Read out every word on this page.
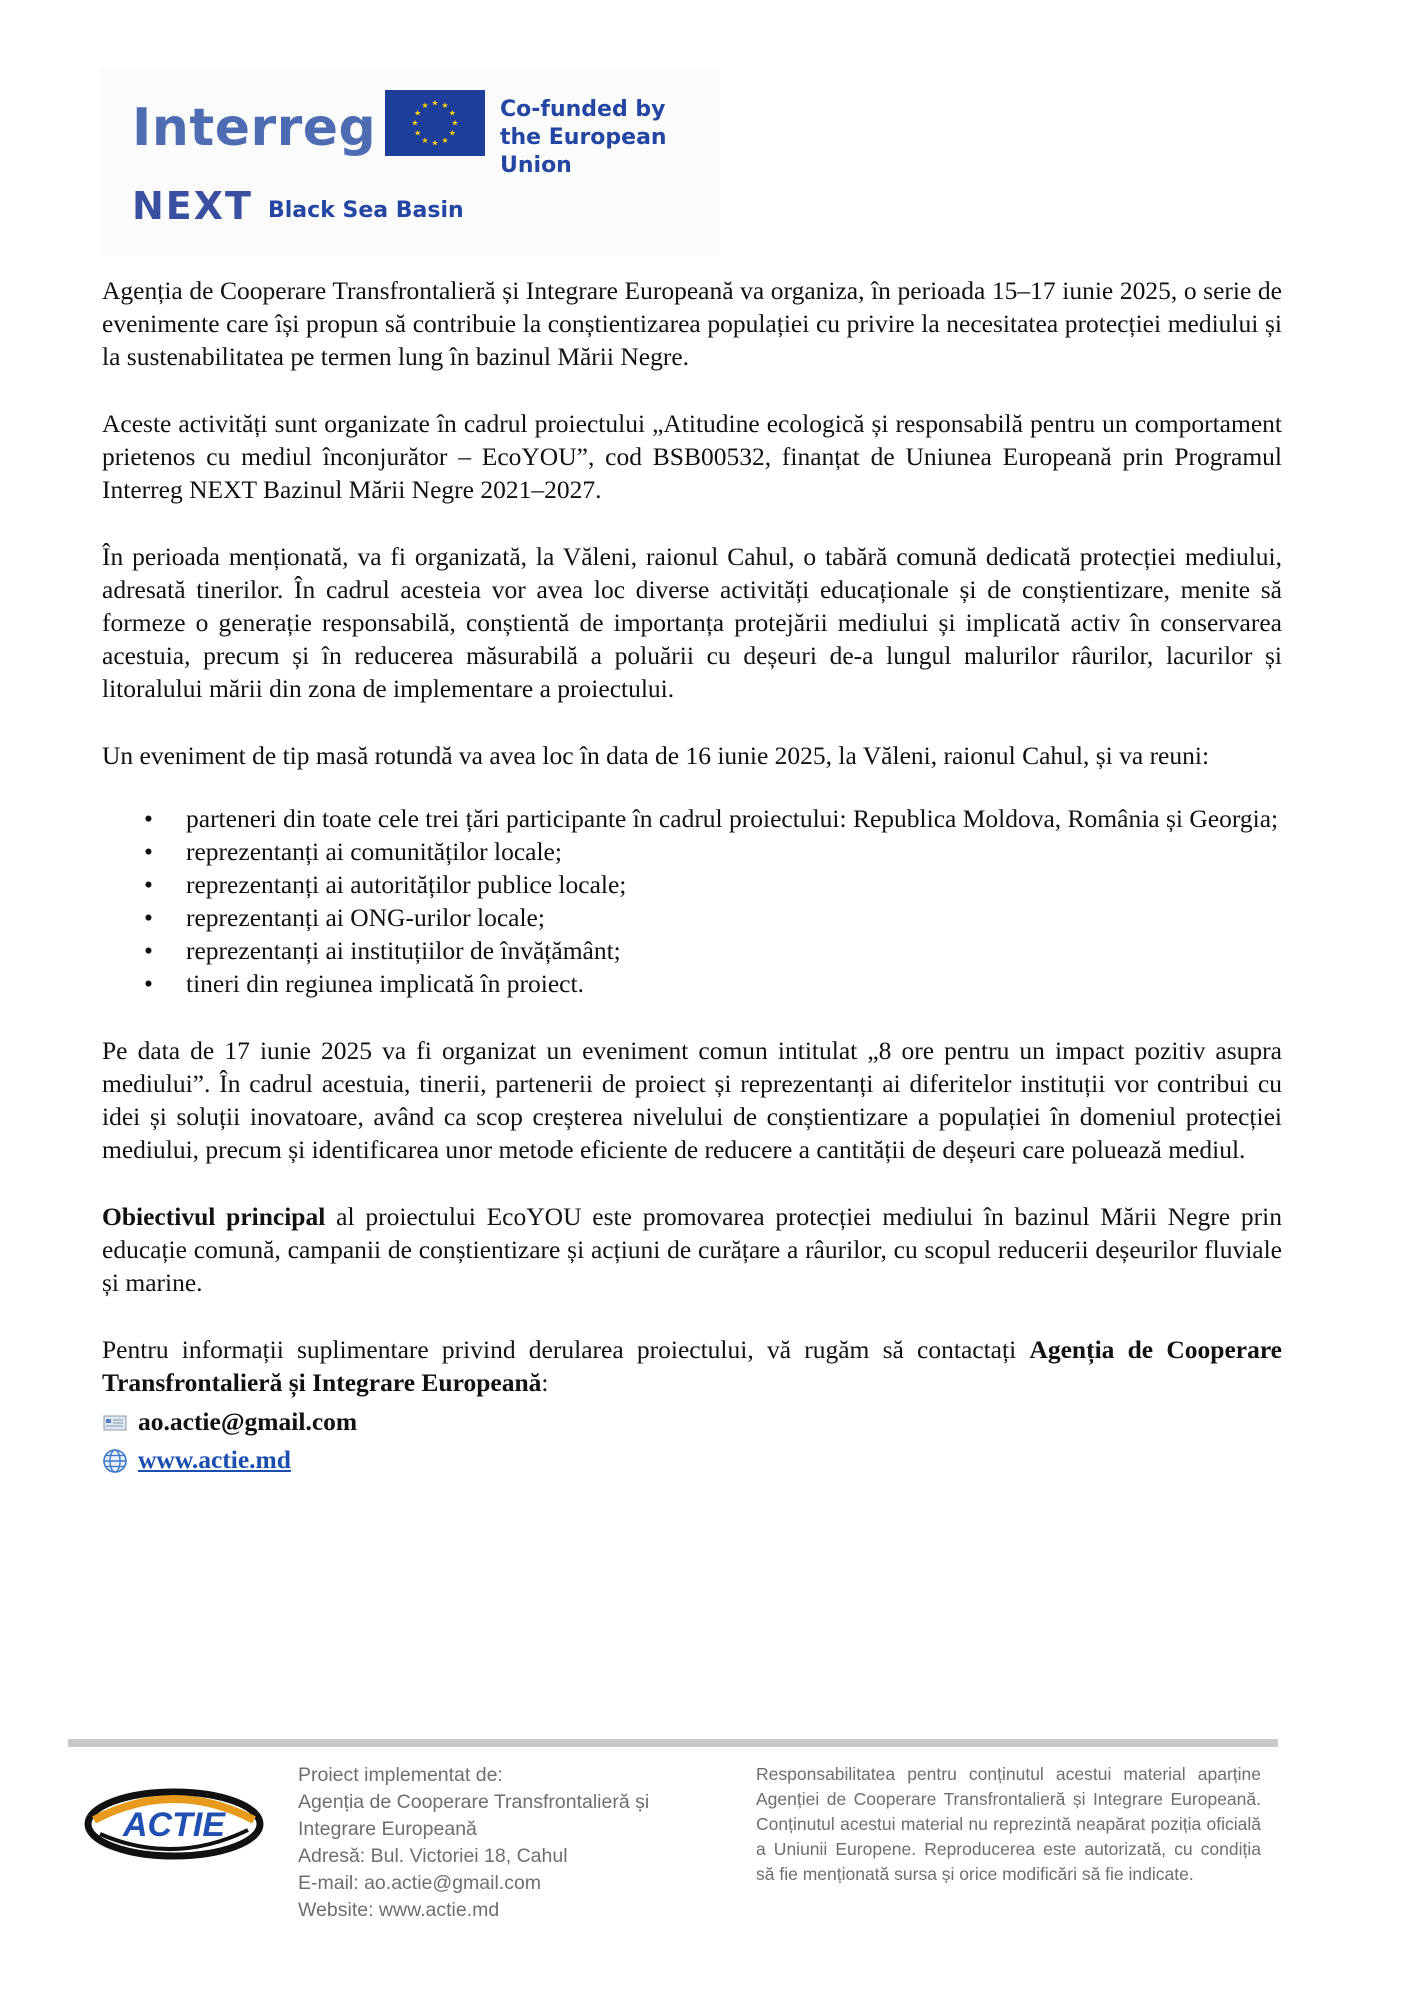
Interreg	★ ★
★
★
★
★
★
★
★
★
★
★	Co-funded by
the European Union
NEXT Black Sea Basin

Agenția de Cooperare Transfrontalieră și Integrare Europeană va organiza, în perioada 15–17 iunie 2025, o serie de evenimente care își propun să contribuie la conștientizarea populației cu privire la necesitatea protecției mediului și la sustenabilitatea pe termen lung în bazinul Mării Negre.

Aceste activități sunt organizate în cadrul proiectului „Atitudine ecologică și responsabilă pentru un comportament prietenos cu mediul înconjurător – EcoYOU”, cod BSB00532, finanțat de Uniunea Europeană prin Programul Interreg NEXT Bazinul Mării Negre 2021–2027.

În perioada menționată, va fi organizată, la Văleni, raionul Cahul, o tabără comună dedicată protecției mediului, adresată tinerilor. În cadrul acesteia vor avea loc diverse activități educaționale și de conștientizare, menite să formeze o generație responsabilă, conștientă de importanța protejării mediului și implicată activ în conservarea acestuia, precum și în reducerea măsurabilă a poluării cu deșeuri de-a lungul malurilor râurilor, lacurilor și litoralului mării din zona de implementare a proiectului.

Un eveniment de tip masă rotundă va avea loc în data de 16 iunie 2025, la Văleni, raionul Cahul, și va reuni:

• parteneri din toate cele trei țări participante în cadrul proiectului: Republica Moldova, România și Georgia;
• reprezentanți ai comunităților locale;
• reprezentanți ai autorităților publice locale;
• reprezentanți ai ONG-urilor locale;
• reprezentanți ai instituțiilor de învățământ;
• tineri din regiunea implicată în proiect.

Pe data de 17 iunie 2025 va fi organizat un eveniment comun intitulat „8 ore pentru un impact pozitiv asupra mediului”. În cadrul acestuia, tinerii, partenerii de proiect și reprezentanți ai diferitelor instituții vor contribui cu idei și soluții inovatoare, având ca scop creșterea nivelului de conștientizare a populației în domeniul protecției mediului, precum și identificarea unor metode eficiente de reducere a cantității de deșeuri care poluează mediul.

Obiectivul principal al proiectului EcoYOU este promovarea protecției mediului în bazinul Mării Negre prin educație comună, campanii de conștientizare și acțiuni de curățare a râurilor, cu scopul reducerii deșeurilor fluviale și marine.

Pentru informații suplimentare privind derularea proiectului, vă rugăm să contactați Agenția de Cooperare Transfrontalieră și Integrare Europeană:

ao.actie@gmail.com
www.actie.md
ACTIE
Proiect implementat de:
Agenția de Cooperare Transfrontalieră și Integrare Europeană
Adresă: Bul. Victoriei 18, Cahul
E-mail: ao.actie@gmail.com
Website: www.actie.md
Responsabilitatea pentru conținutul acestui material aparține Agenției de Cooperare Transfrontalieră și Integrare Europeană. Conținutul acestui material nu reprezintă neapărat poziția oficială a Uniunii Europene. Reproducerea este autorizată, cu condiția să fie menționată sursa și orice modificări să fie indicate.
